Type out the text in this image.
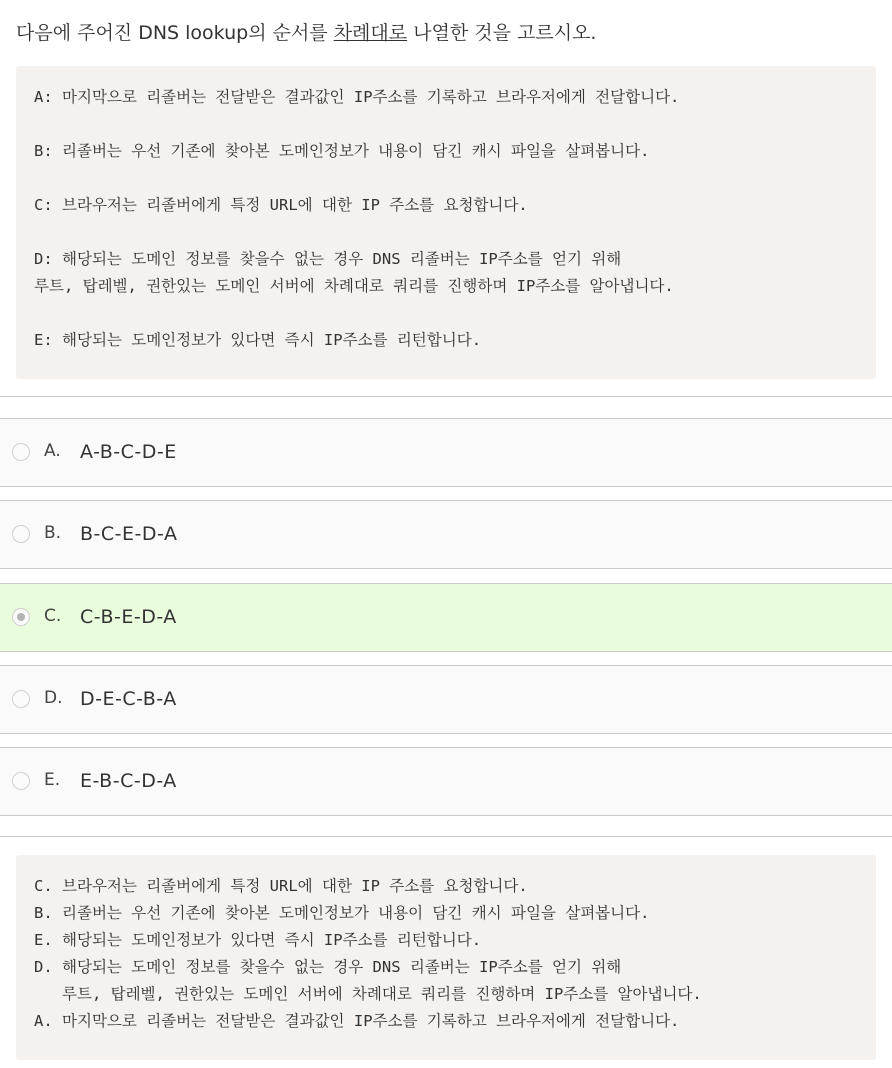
다음에 주어진 DNS lookup의 순서를 차례대로 나열한 것을 고르시오.
A: 마지막으로 리졸버는 전달받은 결과값인 IP주소를 기록하고 브라우저에게 전달합니다.

B: 리졸버는 우선 기존에 찾아본 도메인정보가 내용이 담긴 캐시 파일을 살펴봅니다.

C: 브라우저는 리졸버에게 특정 URL에 대한 IP 주소를 요청합니다.

D: 해당되는 도메인 정보를 찾을수 없는 경우 DNS 리졸버는 IP주소를 얻기 위해
루트, 탑레벨, 권한있는 도메인 서버에 차례대로 쿼리를 진행하며 IP주소를 알아냅니다.

E: 해당되는 도메인정보가 있다면 즉시 IP주소를 리턴합니다.
A. A-B-C-D-E
B. B-C-E-D-A
C. C-B-E-D-A
D. D-E-C-B-A
E. E-B-C-D-A
C. 브라우저는 리졸버에게 특정 URL에 대한 IP 주소를 요청합니다.
B. 리졸버는 우선 기존에 찾아본 도메인정보가 내용이 담긴 캐시 파일을 살펴봅니다.
E. 해당되는 도메인정보가 있다면 즉시 IP주소를 리턴합니다.
D. 해당되는 도메인 정보를 찾을수 없는 경우 DNS 리졸버는 IP주소를 얻기 위해
루트, 탑레벨, 권한있는 도메인 서버에 차례대로 쿼리를 진행하며 IP주소를 알아냅니다.
A. 마지막으로 리졸버는 전달받은 결과값인 IP주소를 기록하고 브라우저에게 전달합니다.
